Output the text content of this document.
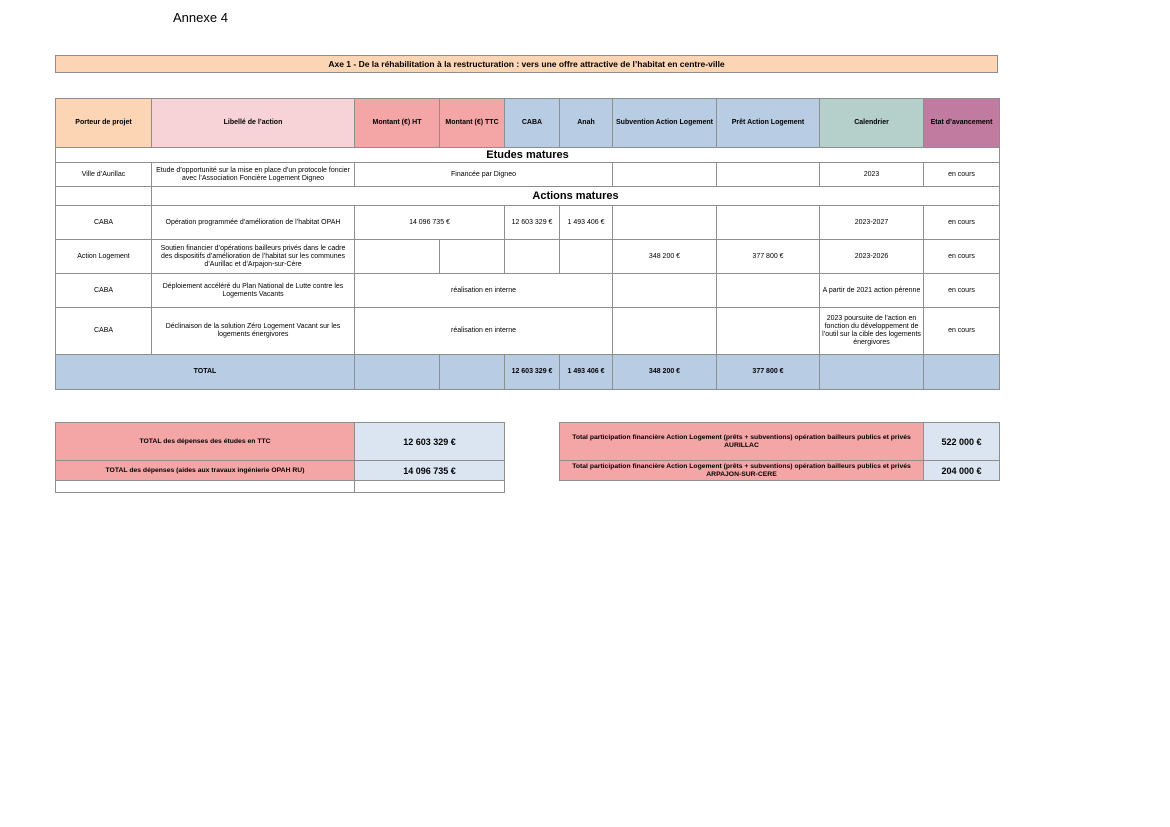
Annexe 4
Axe 1 - De la réhabilitation à la restructuration : vers une offre attractive de l’habitat en centre-ville
Porteur de projet	Libellé de l’action	Montant (€) HT	Montant (€) TTC	CABA	Anah	Subvention Action Logement	Prêt Action Logement	Calendrier	Etat d’avancement
Etudes matures									
Ville d’Aurillac	Etude d’opportunité sur la mise en place d’un protocole foncier avec l’Association Foncière Logement Digneo	Financée par Digneo						2023	en cours
	Actions matures								
CABA	Opération programmée d’amélioration de l’habitat OPAH	14 096 735 €		12 603 329 €	1 493 406 €			2023-2027	en cours
Action Logement	Soutien financier d’opérations bailleurs privés dans le cadre des dispositifs d’amélioration de l’habitat sur les communes d’Aurillac et d’Arpajon-sur-Cère					348 200 €	377 800 €	2023-2026	en cours
CABA	Déploiement accéléré du Plan National de Lutte contre les Logements Vacants	réalisation en interne						A partir de 2021 action pérenne	en cours
CABA	Déclinaison de la solution Zéro Logement Vacant sur les logements énergivores	réalisation en interne						2023 poursuite de l’action en fonction du développement de l’outil sur la cible des logements énergivores	en cours
TOTAL				12 603 329 €	1 493 406 €	348 200 €	377 800 €		
TOTAL des dépenses des études en TTC	12 603 329 €
TOTAL des dépenses (aides aux travaux ingénierie OPAH RU)	14 096 735 €

Total participation financière Action Logement (prêts + subventions) opération bailleurs publics et privés
AURILLAC	522 000 €

Total participation financière Action Logement (prêts + subventions) opération bailleurs publics et privés
ARPAJON-SUR-CERE	204 000 €
